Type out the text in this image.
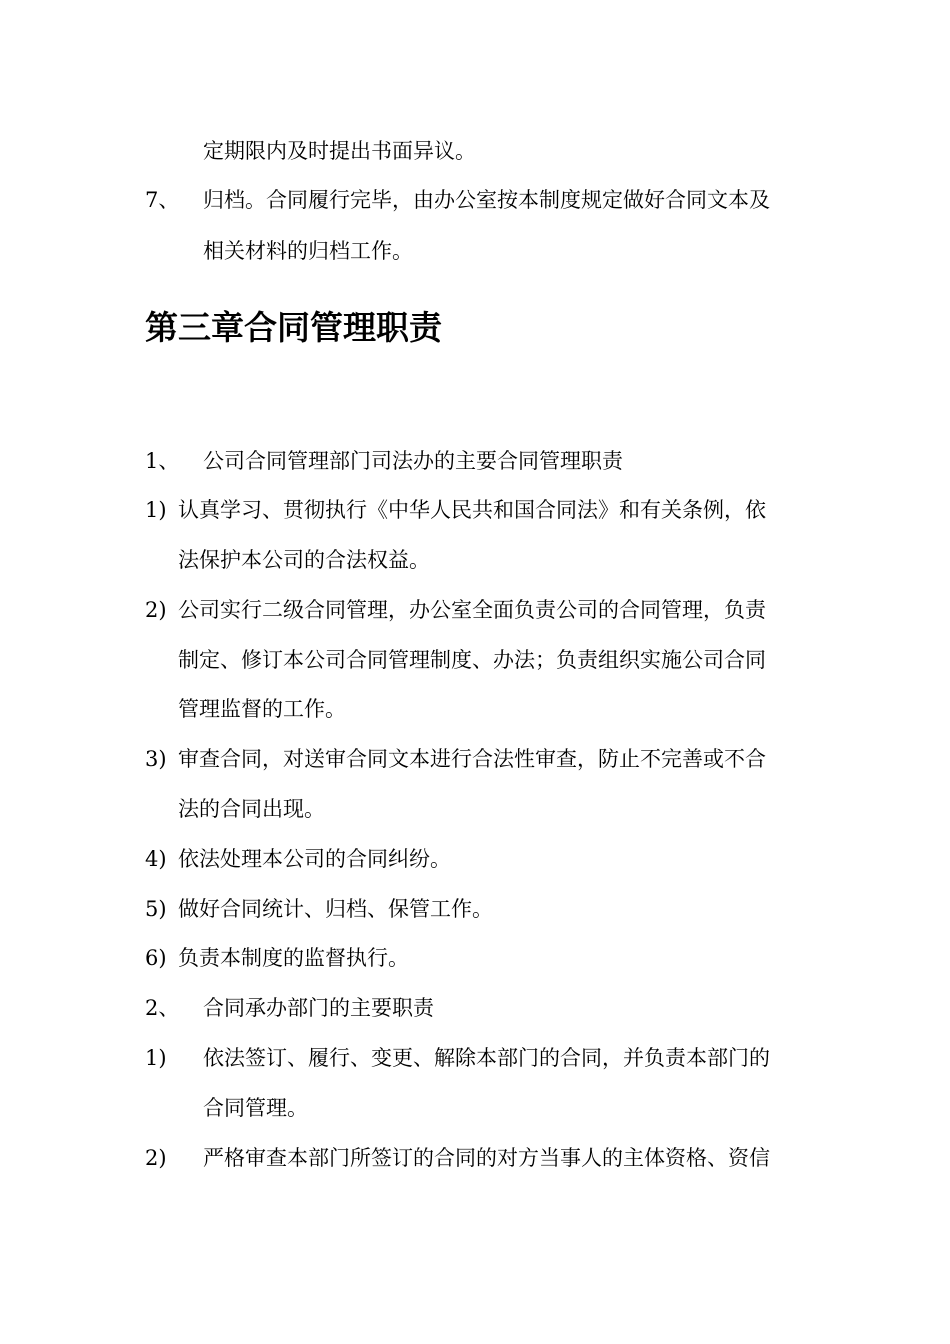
定期限内及时提出书面异议。
7、 归档。合同履行完毕，由办公室按本制度规定做好合同文本及
相关材料的归档工作。
第三章合同管理职责
1、 公司合同管理部门司法办的主要合同管理职责
1) 认真学习、贯彻执行《中华人民共和国合同法》和有关条例，依
法保护本公司的合法权益。
2) 公司实行二级合同管理，办公室全面负责公司的合同管理，负责
制定、修订本公司合同管理制度、办法；负责组织实施公司合同
管理监督的工作。
3) 审查合同，对送审合同文本进行合法性审查，防止不完善或不合
法的合同出现。
4) 依法处理本公司的合同纠纷。
5) 做好合同统计、归档、保管工作。
6) 负责本制度的监督执行。
2、 合同承办部门的主要职责
1) 依法签订、履行、变更、解除本部门的合同，并负责本部门的
合同管理。
2) 严格审查本部门所签订的合同的对方当事人的主体资格、资信
